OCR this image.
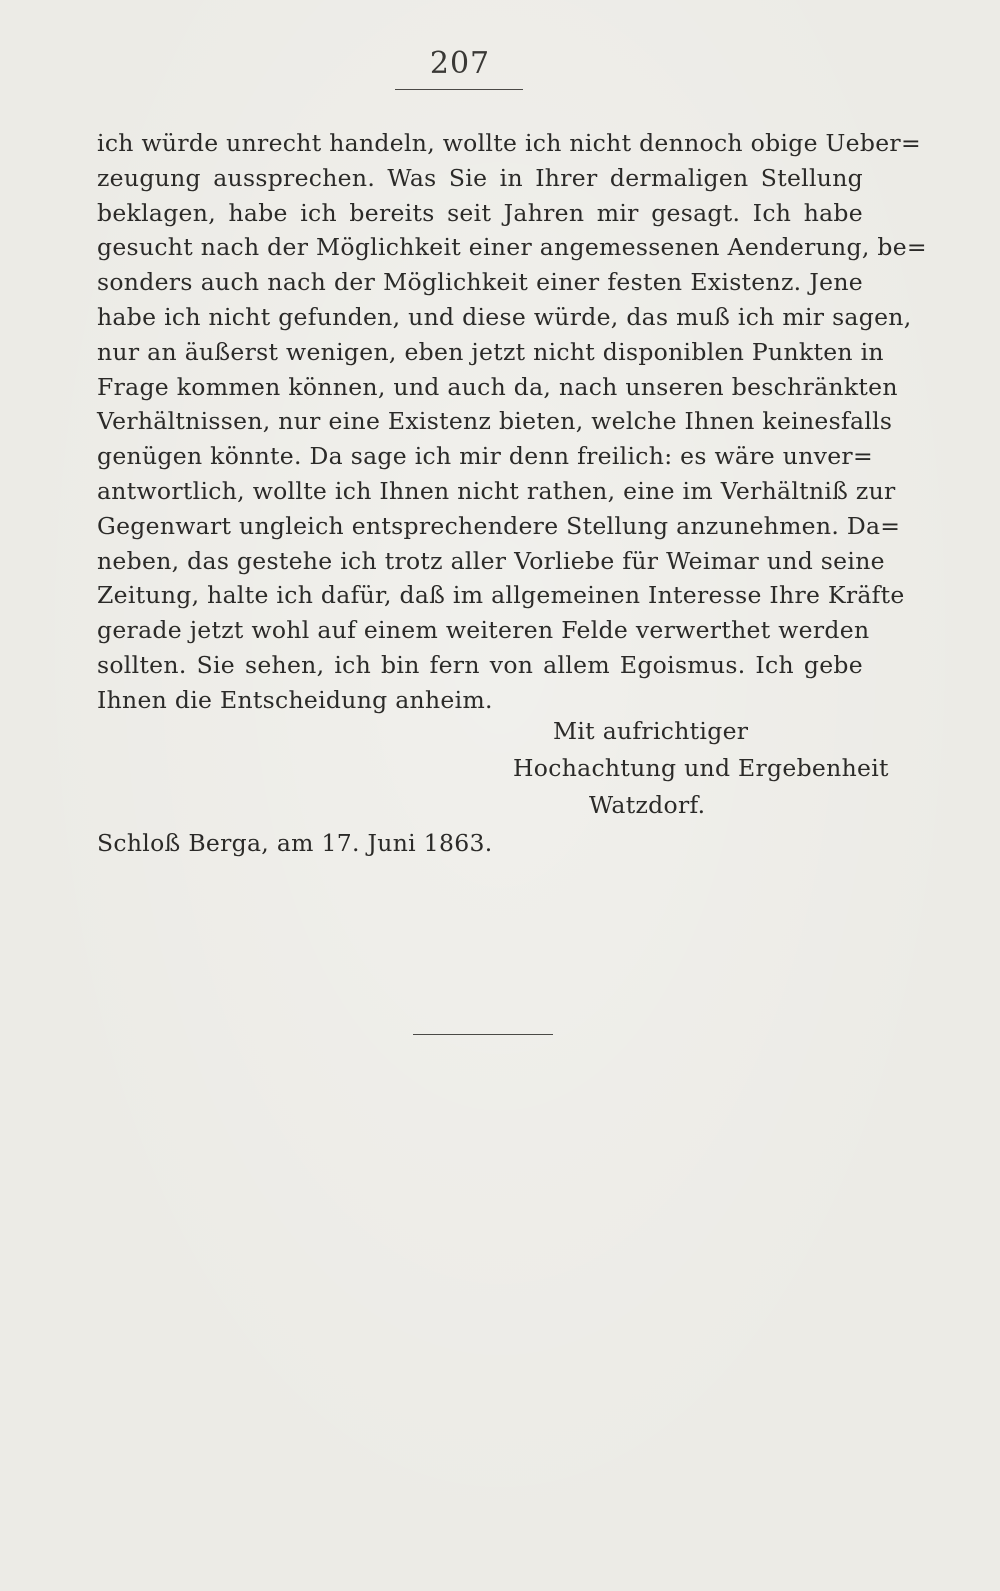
207
ich würde unrecht handeln, wollte ich nicht dennoch obige Ueber=
zeugung aussprechen. Was Sie in Ihrer dermaligen Stellung
beklagen, habe ich bereits seit Jahren mir gesagt. Ich habe
gesucht nach der Möglichkeit einer angemessenen Aenderung, be=
sonders auch nach der Möglichkeit einer festen Existenz. Jene
habe ich nicht gefunden, und diese würde, das muß ich mir sagen,
nur an äußerst wenigen, eben jetzt nicht disponiblen Punkten in
Frage kommen können, und auch da, nach unseren beschränkten
Verhältnissen, nur eine Existenz bieten, welche Ihnen keinesfalls
genügen könnte. Da sage ich mir denn freilich: es wäre unver=
antwortlich, wollte ich Ihnen nicht rathen, eine im Verhältniß zur
Gegenwart ungleich entsprechendere Stellung anzunehmen. Da=
neben, das gestehe ich trotz aller Vorliebe für Weimar und seine
Zeitung, halte ich dafür, daß im allgemeinen Interesse Ihre Kräfte
gerade jetzt wohl auf einem weiteren Felde verwerthet werden
sollten. Sie sehen, ich bin fern von allem Egoismus. Ich gebe
Ihnen die Entscheidung anheim.
Mit aufrichtiger
Hochachtung und Ergebenheit
Watzdorf.
Schloß Berga, am 17. Juni 1863.
